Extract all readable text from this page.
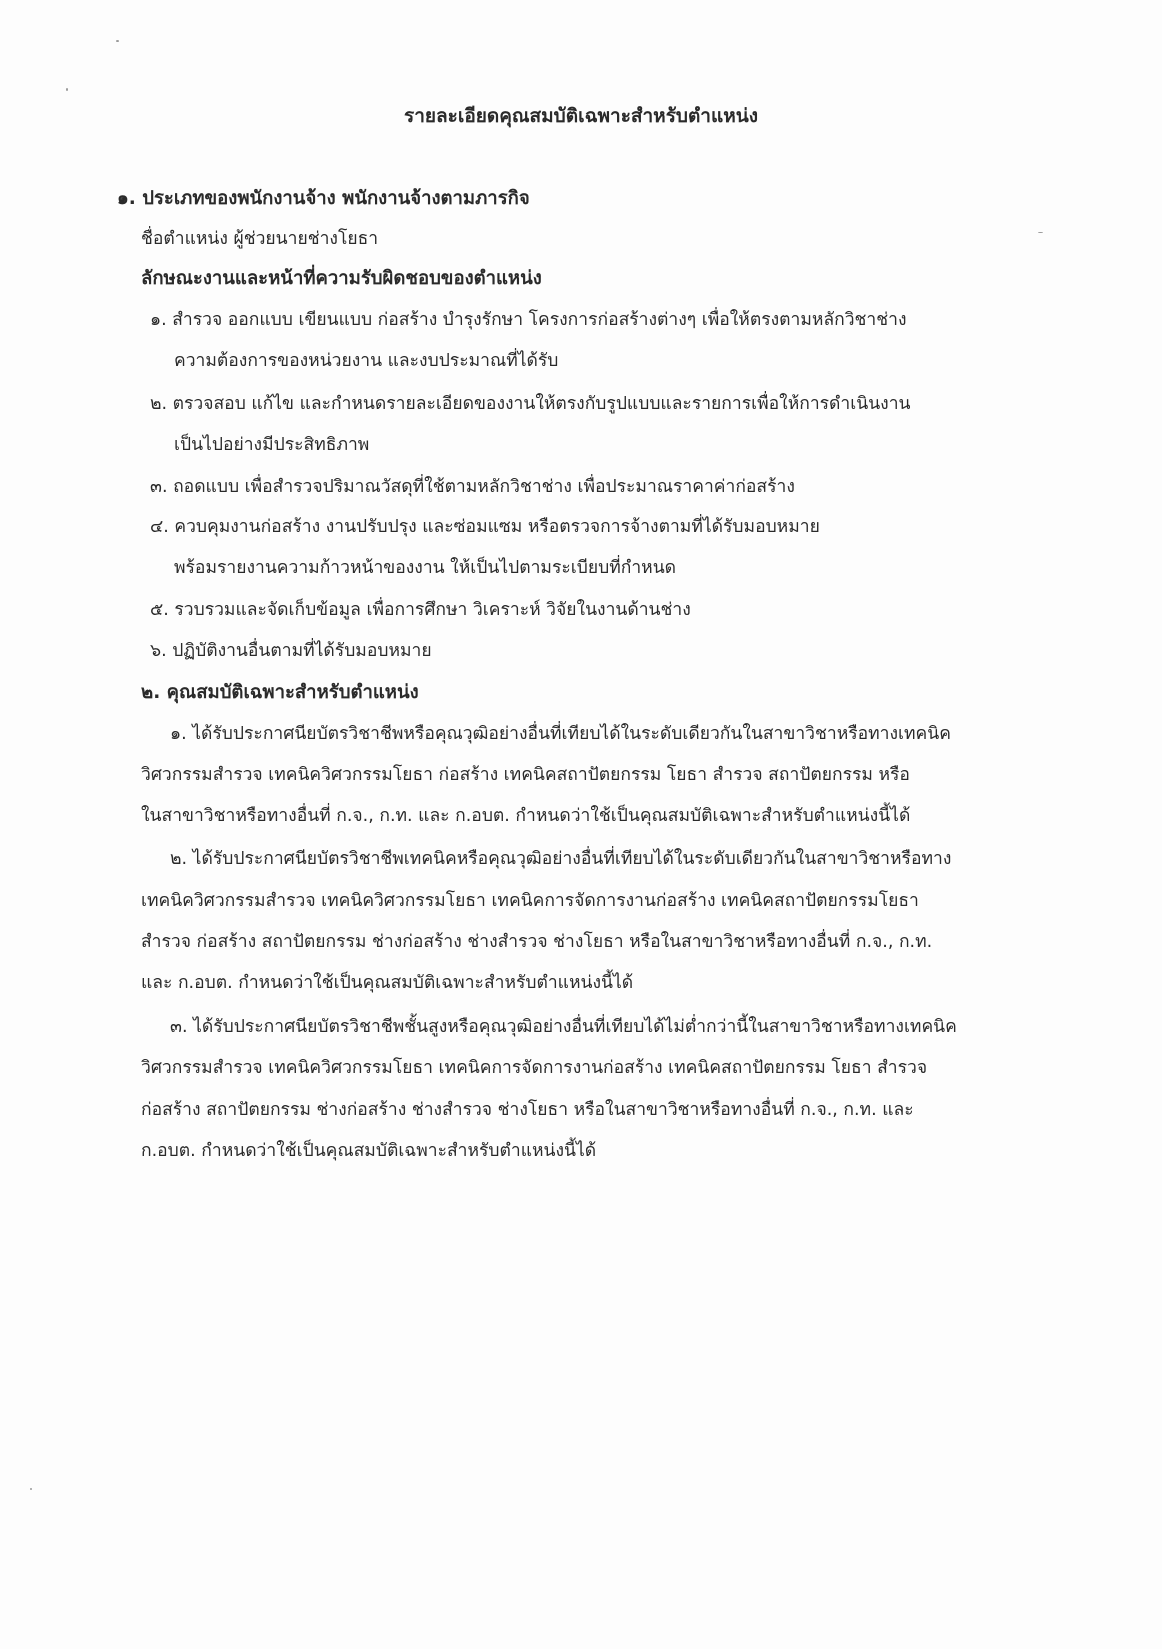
รายละเอียดคุณสมบัติเฉพาะสำหรับตำแหน่ง
๑. ประเภทของพนักงานจ้าง พนักงานจ้างตามภารกิจ
ชื่อตำแหน่ง ผู้ช่วยนายช่างโยธา
ลักษณะงานและหน้าที่ความรับผิดชอบของตำแหน่ง
๑. สำรวจ ออกแบบ เขียนแบบ ก่อสร้าง บำรุงรักษา โครงการก่อสร้างต่างๆ เพื่อให้ตรงตามหลักวิชาช่าง
ความต้องการของหน่วยงาน และงบประมาณที่ได้รับ
๒. ตรวจสอบ แก้ไข และกำหนดรายละเอียดของงานให้ตรงกับรูปแบบและรายการเพื่อให้การดำเนินงาน
เป็นไปอย่างมีประสิทธิภาพ
๓. ถอดแบบ เพื่อสำรวจปริมาณวัสดุที่ใช้ตามหลักวิชาช่าง เพื่อประมาณราคาค่าก่อสร้าง
๔. ควบคุมงานก่อสร้าง งานปรับปรุง และซ่อมแซม หรือตรวจการจ้างตามที่ได้รับมอบหมาย
พร้อมรายงานความก้าวหน้าของงาน ให้เป็นไปตามระเบียบที่กำหนด
๕. รวบรวมและจัดเก็บข้อมูล เพื่อการศึกษา วิเคราะห์ วิจัยในงานด้านช่าง
๖. ปฏิบัติงานอื่นตามที่ได้รับมอบหมาย
๒. คุณสมบัติเฉพาะสำหรับตำแหน่ง
๑. ได้รับประกาศนียบัตรวิชาชีพหรือคุณวุฒิอย่างอื่นที่เทียบได้ในระดับเดียวกันในสาขาวิชาหรือทางเทคนิค
วิศวกรรมสำรวจ เทคนิควิศวกรรมโยธา ก่อสร้าง เทคนิคสถาปัตยกรรม โยธา สำรวจ สถาปัตยกรรม หรือ
ในสาขาวิชาหรือทางอื่นที่ ก.จ., ก.ท. และ ก.อบต. กำหนดว่าใช้เป็นคุณสมบัติเฉพาะสำหรับตำแหน่งนี้ได้
๒. ได้รับประกาศนียบัตรวิชาชีพเทคนิคหรือคุณวุฒิอย่างอื่นที่เทียบได้ในระดับเดียวกันในสาขาวิชาหรือทาง
เทคนิควิศวกรรมสำรวจ เทคนิควิศวกรรมโยธา เทคนิคการจัดการงานก่อสร้าง เทคนิคสถาปัตยกรรมโยธา
สำรวจ ก่อสร้าง สถาปัตยกรรม ช่างก่อสร้าง ช่างสำรวจ ช่างโยธา หรือในสาขาวิชาหรือทางอื่นที่ ก.จ., ก.ท.
และ ก.อบต. กำหนดว่าใช้เป็นคุณสมบัติเฉพาะสำหรับตำแหน่งนี้ได้
๓. ได้รับประกาศนียบัตรวิชาชีพชั้นสูงหรือคุณวุฒิอย่างอื่นที่เทียบได้ไม่ต่ำกว่านี้ในสาขาวิชาหรือทางเทคนิค
วิศวกรรมสำรวจ เทคนิควิศวกรรมโยธา เทคนิคการจัดการงานก่อสร้าง เทคนิคสถาปัตยกรรม โยธา สำรวจ
ก่อสร้าง สถาปัตยกรรม ช่างก่อสร้าง ช่างสำรวจ ช่างโยธา หรือในสาขาวิชาหรือทางอื่นที่ ก.จ., ก.ท. และ
ก.อบต. กำหนดว่าใช้เป็นคุณสมบัติเฉพาะสำหรับตำแหน่งนี้ได้
